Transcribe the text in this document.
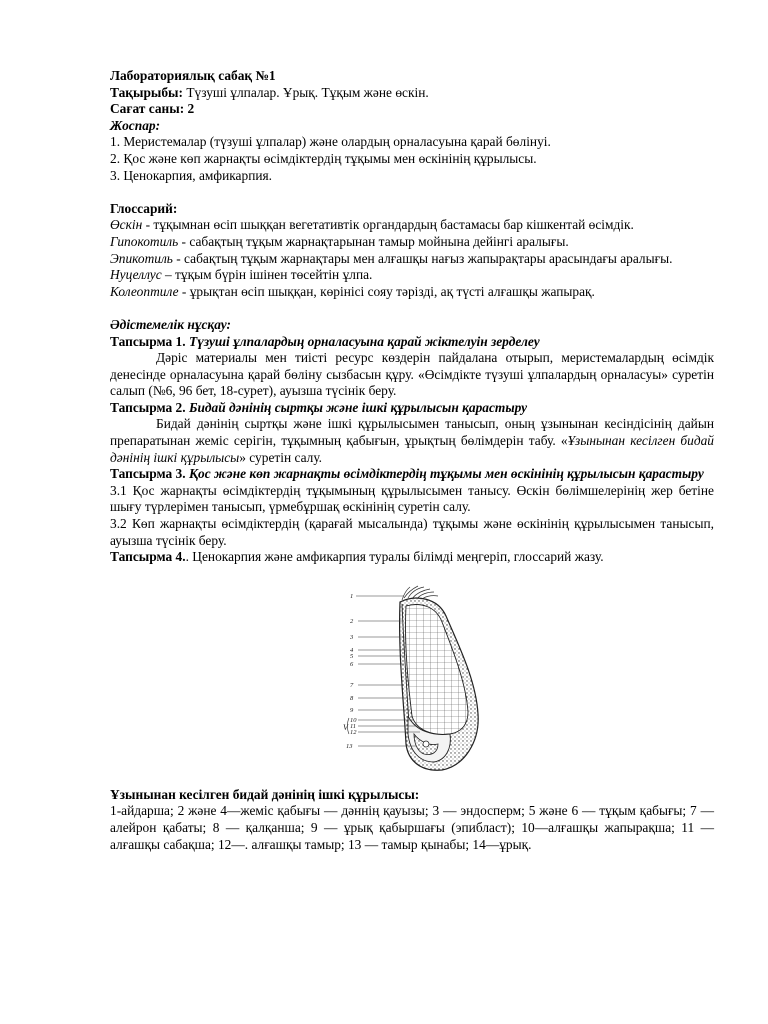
Лабораториялық сабақ №1

Тақырыбы: Түзуші ұлпалар. Ұрық. Тұқым және өскін.

Сағат саны: 2

Жоспар:

1. Меристемалар (түзуші ұлпалар) және олардың орналасуына қарай бөлінуі.

2. Қос және көп жарнақты өсімдіктердің тұқымы мен өскінінің құрылысы.

3. Ценокарпия, амфикарпия.

Глоссарий:

Өскін - тұқымнан өсіп шыққан вегетативтік органдардың бастамасы бар кішкентай өсімдік.

Гипокотиль - сабақтың тұқым жарнақтарынан тамыр мойнына дейінгі аралығы.

Эпикотиль - сабақтың тұқым жарнақтары мен алғашқы нағыз жапырақтары арасындағы аралығы.

Нуцеллус – тұқым бүрін ішінен төсейтін ұлпа.

Колеоптиле - ұрықтан өсіп шыққан, көрінісі сояу тәрізді, ақ түсті алғашқы жапырақ.

Әдістемелік нұсқау:

Тапсырма 1. Түзуші ұлпалардың орналасуына қарай жіктелуін зерделеу

Дәріс материалы мен тиісті ресурс көздерін пайдалана отырып, меристемалардың өсімдік денесінде орналасуына қарай бөліну сызбасын құру. «Өсімдікте түзуші ұлпалардың орналасуы» суретін салып (№6, 96 бет, 18-сурет), ауызша түсінік беру.

Тапсырма 2. Бидай дәнінің сыртқы және ішкі құрылысын қарастыру

Бидай дәнінің сыртқы және ішкі құрылысымен танысып, оның ұзынынан кесіндісінің дайын препаратынан жеміс серігін, тұқымның қабығын, ұрықтың бөлімдерін табу. «Ұзынынан кесілген бидай дәнінің ішкі құрылысы» суретін салу.

Тапсырма 3. Қос және көп жарнақты өсімдіктердің тұқымы мен өскінінің құрылысын қарастыру

3.1 Қос жарнақты өсімдіктердің тұқымының құрылысымен танысу. Өскін бөлімшелерінің жер бетіне шығу түрлерімен танысып, үрмебұршақ өскінінің суретін салу.

3.2 Көп жарнақты өсімдіктердің (қарағай мысалында) тұқымы және өскінінің құрылысымен танысып, ауызша түсінік беру.

Тапсырма 4.. Ценокарпия және амфикарпия туралы білімді меңгеріп, глоссарий жазу.

1
2
3
4
5
6
7
8
9
10
11
12
13
V

Ұзынынан кесілген бидай дәнінің ішкі құрылысы:

1-айдарша; 2 және 4—жеміс қабығы — дәннің қауызы; 3 — эндосперм; 5 және 6 — тұқым қабығы; 7 — алейрон қабаты; 8 — қалқанша; 9 — ұрық қабыршағы (эпибласт); 10—алғашқы жапырақша; 11 — алғашқы сабақша; 12—. алғашқы тамыр; 13 — тамыр қынабы; 14—ұрық.
